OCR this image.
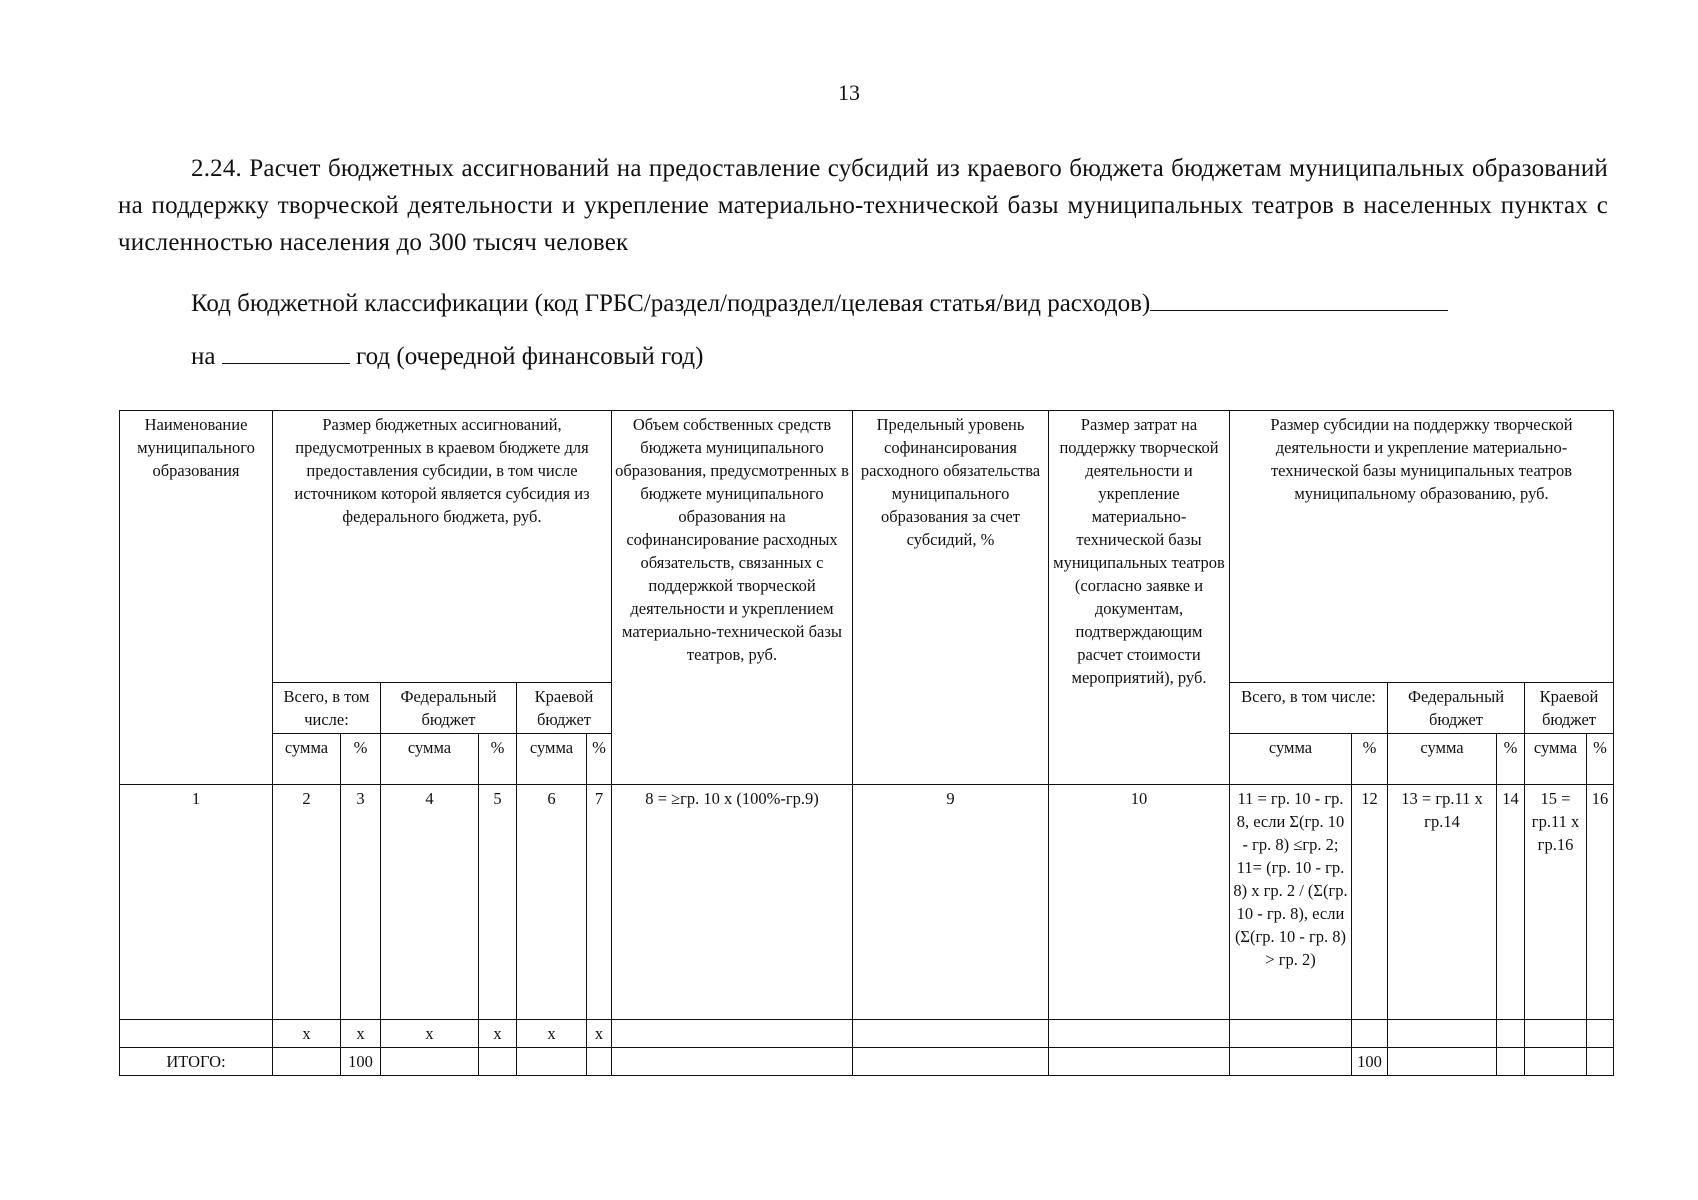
13
2.24. Расчет бюджетных ассигнований на предоставление субсидий из краевого бюджета бюджетам муниципальных образований на поддержку творческой деятельности и укрепление материально-технической базы муниципальных театров в населенных пунктах с численностью населения до 300 тысяч человек
Код бюджетной классификации (код ГРБС/раздел/подраздел/целевая статья/вид расходов)
на	год (очередной финансовый год)
Наименование муниципального образования	Размер бюджетных ассигнований, предусмотренных в краевом бюджете для предоставления субсидии, в том числе источником которой является субсидия из федерального бюджета, руб.						Объем собственных средств бюджета муниципального образования, предусмотренных в бюджете муниципального образования на софинансирование расходных обязательств, связанных с поддержкой творческой деятельности и укреплением материально-технической базы театров, руб.	Предельный уровень софинансирования расходного обязательства муниципального образования за счет субсидий, %	Размер затрат на поддержку творческой деятельности и укрепление материально-технической базы муниципальных театров (согласно заявке и документам, подтверждающим расчет стоимости мероприятий), руб.	Размер субсидии на поддержку творческой деятельности и укрепление материально-технической базы муниципальных театров муниципальному образованию, руб.					
	Всего, в том числе:		Федеральный бюджет		Краевой бюджет					Всего, в том числе:		Федеральный бюджет		Краевой бюджет	
	сумма	%	сумма	%	сумма	%				сумма	%	сумма	%	сумма	%
1	2	3	4	5	6	7	8 = ≥гр. 10 x (100%-гр.9)	9	10	11 = гр. 10 - гр. 8, если Σ(гр. 10 - гр. 8) ≤гр. 2; 11= (гр. 10 - гр. 8) x гр. 2 / (Σ(гр. 10 - гр. 8), если (Σ(гр. 10 - гр. 8) > гр. 2)	12	13 = гр.11 x гр.14	14	15 = гр.11 x гр.16	16
	x	x	x	x	x	x									
ИТОГО:		100									100				
